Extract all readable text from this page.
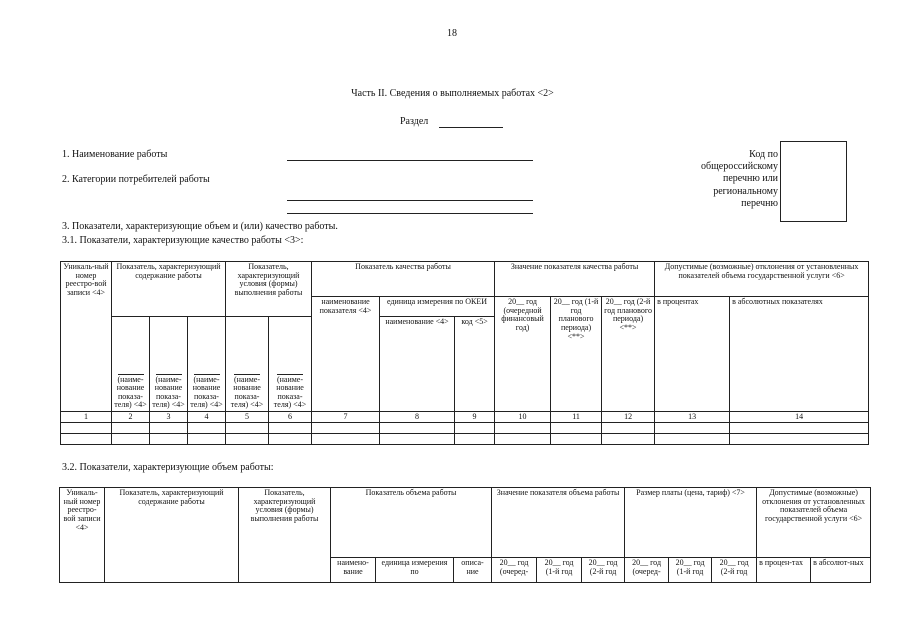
18
Часть II. Сведения о выполняемых работах <2>
Раздел
1. Наименование работы
2. Категории потребителей работы
Код по
общероссийскому
перечню или
региональному
перечню
3. Показатели, характеризующие объем и (или) качество работы.
3.1. Показатели, характеризующие качество работы <3>:
Уникаль-ный номер реестро-вой записи <4>	Показатель, характеризующий содержание работы			Показатель, характеризующий условия (формы) выполнения работы		Показатель качества работы			Значение показателя качества работы			Допустимые (возможные) отклонения от установленных показателей объема государственной услуги <6>	
						наименование показателя <4>	единица измерения по ОКЕИ		20__ год (очередной финансовый год)	20__ год (1-й год планового периода) <**>	20__ год (2-й год планового периода) <**>	в процентах	в абсолютных показателях

(наиме-нование показа-теля) <4>	(наиме-нование показа-теля) <4>	(наиме-нование показа-теля) <4>	(наиме-нование показа-теля) <4>	(наиме-нование показа-теля) <4>		наименование <4>	код <5>					
1	2	3	4	5	6	7	8	9	10	11	12	13	14

3.2. Показатели, характеризующие объем работы:
Уникаль-ный номер реестро-вой записи <4>	Показатель, характеризующий содержание работы	Показатель, характеризующий условия (формы) выполнения работы	Показатель объема работы			Значение показателя объема работы			Размер платы (цена, тариф) <7>			Допустимые (возможные) отклонения от установленных показателей объема государственной услуги <6>	
			наимено-вание	единица измерения по	описа-ние	20__ год (очеред-	20__ год (1-й год	20__ год (2-й год	20__ год (очеред-	20__ год (1-й год	20__ год (2-й год	в процен-тах	в абсолют-ных
